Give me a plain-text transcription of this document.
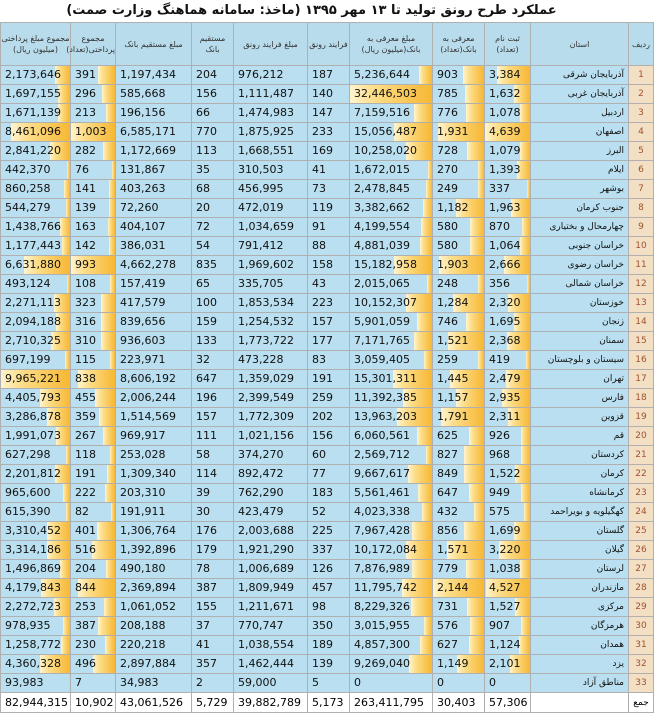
عملکرد طرح رونق تولید تا ۱۳ مهر ۱۳۹۵ (ماخذ: سامانه هماهنگ وزارت صمت)
ردیف	استان	ثبت نام (تعداد)	معرفی به بانک(تعداد)	مبلغ معرفی به بانک(میلیون ریال)	فرایند رونق	مبلغ فرایند رونق	مستقیم بانک	مبلغ مستقیم بانک	مجموع پرداختی(تعداد)	مجموع مبلغ پرداختی (میلیون ریال)
1	آذربایجان شرقی	3,384	903	5,236,644	187	976,212	204	1,197,434	391	2,173,646
2	آذربایجان غربی	1,632	785	32,446,503	140	1,111,487	156	585,668	296	1,697,155
3	اردبیل	1,078	776	7,159,516	147	1,474,983	66	196,156	213	1,671,139
4	اصفهان	4,639	1,931	15,056,487	233	1,875,925	770	6,585,171	1,003	8,461,096
5	البرز	1,079	728	10,258,020	169	1,668,551	113	1,172,669	282	2,841,220
6	ایلام	1,393	270	1,672,015	41	310,503	35	131,867	76	442,370
7	بوشهر	337	249	2,478,845	73	456,995	68	403,263	141	860,258
8	جنوب کرمان	1,963	1,182	3,382,662	119	472,019	20	72,260	139	544,279
9	چهارمحال و بختیاری	870	580	4,199,554	91	1,034,659	72	404,107	163	1,438,766
10	خراسان جنوبی	1,064	580	4,881,039	88	791,412	54	386,031	142	1,177,443
11	خراسان رضوی	2,666	1,903	15,182,958	158	1,969,602	835	4,662,278	993	6,631,880
12	خراسان شمالی	356	248	2,015,065	43	335,705	65	157,419	108	493,124
13	خوزستان	2,320	1,284	10,152,307	223	1,853,534	100	417,579	323	2,271,113
14	زنجان	1,695	746	5,901,059	157	1,254,532	159	839,656	316	2,094,188
15	سمنان	2,368	1,521	7,171,765	177	1,773,722	133	936,603	310	2,710,325
16	سیستان و بلوچستان	419	259	3,059,405	83	473,228	32	223,971	115	697,199
17	تهران	2,479	1,445	15,301,311	191	1,359,029	647	8,606,192	838	9,965,221
18	فارس	2,935	1,157	11,392,385	259	2,399,549	196	2,006,244	455	4,405,793
19	قزوین	2,311	1,791	13,963,203	202	1,772,309	157	1,514,569	359	3,286,878
20	قم	926	625	6,060,561	156	1,021,156	111	969,917	267	1,991,073
21	کردستان	968	827	2,569,712	60	374,270	58	253,028	118	627,298
22	کرمان	1,522	849	9,667,617	77	892,472	114	1,309,340	191	2,201,812
23	کرمانشاه	949	647	5,561,461	183	762,290	39	203,310	222	965,600
24	کهگیلویه و بویراحمد	575	432	4,023,338	52	423,479	30	191,911	82	615,390
25	گلستان	1,699	856	7,967,428	225	2,003,688	176	1,306,764	401	3,310,452
26	گیلان	3,220	1,571	10,172,084	337	1,921,290	179	1,392,896	516	3,314,186
27	لرستان	1,038	779	7,876,989	126	1,006,689	78	490,180	204	1,496,869
28	مازندران	4,527	2,144	11,795,742	457	1,809,949	387	2,369,894	844	4,179,843
29	مرکزی	1,527	731	8,229,326	98	1,211,671	155	1,061,052	253	2,272,723
30	هرمزگان	907	576	3,015,955	350	770,747	37	208,188	387	978,935
31	همدان	1,124	627	4,857,300	189	1,038,554	41	220,218	230	1,258,772
32	یزد	2,101	1,149	9,269,040	139	1,462,444	357	2,897,884	496	4,360,328
33	مناطق آزاد	0	0	0	5	59,000	2	34,983	7	93,983
جمع		57,306	30,403	263,411,795	5,173	39,882,789	5,729	43,061,526	10,902	82,944,315
